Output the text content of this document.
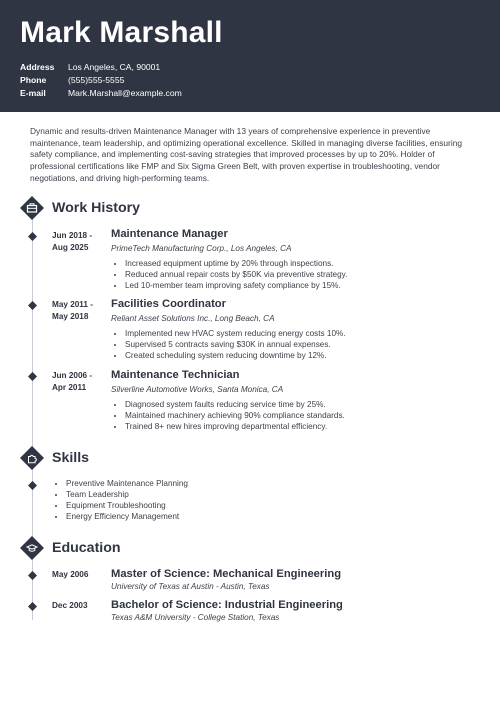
Mark Marshall
Address Los Angeles, CA, 90001
Phone	(555)555-5555
E-mail	Mark.Marshall@example.com

Dynamic and results-driven Maintenance Manager with 13 years of comprehensive experience in preventive maintenance, team leadership, and optimizing operational excellence. Skilled in managing diverse facilities, ensuring safety compliance, and implementing cost-saving strategies that improved processes by up to 20%. Holder of professional certifications like FMP and Six Sigma Green Belt, with proven expertise in troubleshooting, vendor negotiations, and driving high-performing teams.

Work History
Jun 2018 -
Aug 2025
Maintenance Manager
PrimeTech Manufacturing Corp., Los Angeles, CA
• Increased equipment uptime by 20% through inspections.
• Reduced annual repair costs by $50K via preventive strategy.
• Led 10-member team improving safety compliance by 15%.
May 2011 -
May 2018
Facilities Coordinator
Reliant Asset Solutions Inc., Long Beach, CA
• Implemented new HVAC system reducing energy costs 10%.
• Supervised 5 contracts saving $30K in annual expenses.
• Created scheduling system reducing downtime by 12%.
Jun 2006 -
Apr 2011
Maintenance Technician
Silverline Automotive Works, Santa Monica, CA
• Diagnosed system faults reducing service time by 25%.
• Maintained machinery achieving 90% compliance standards.
• Trained 8+ new hires improving departmental efficiency.
Skills
• Preventive Maintenance Planning
• Team Leadership
• Equipment Troubleshooting
• Energy Efficiency Management
Education
May 2006	Master of Science: Mechanical Engineering
University of Texas at Austin - Austin, Texas
Dec 2003	Bachelor of Science: Industrial Engineering
Texas A&M University - College Station, Texas
